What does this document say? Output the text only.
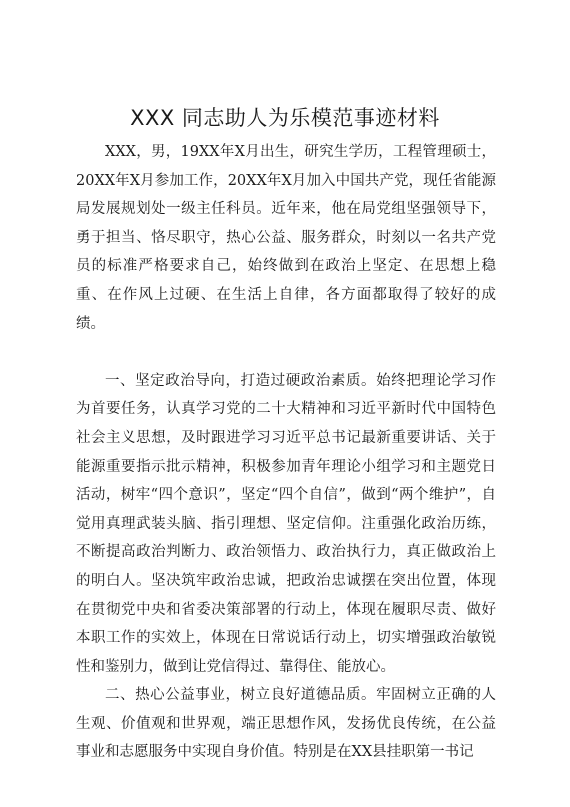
XXX 同志助人为乐模范事迹材料

XXX，男，19XX年X月出生，研究生学历，工程管理硕士，20XX年X月参加工作，20XX年X月加入中国共产党，现任省能源局发展规划处一级主任科员。近年来，他在局党组坚强领导下，勇于担当、恪尽职守，热心公益、服务群众，时刻以一名共产党员的标准严格要求自己，始终做到在政治上坚定、在思想上稳重、在作风上过硬、在生活上自律，各方面都取得了较好的成绩。

一、坚定政治导向，打造过硬政治素质。始终把理论学习作为首要任务，认真学习党的二十大精神和习近平新时代中国特色社会主义思想，及时跟进学习习近平总书记最新重要讲话、关于能源重要指示批示精神，积极参加青年理论小组学习和主题党日活动，树牢“四个意识”，坚定“四个自信”，做到“两个维护”，自觉用真理武装头脑、指引理想、坚定信仰。注重强化政治历练，不断提高政治判断力、政治领悟力、政治执行力，真正做政治上的明白人。坚决筑牢政治忠诚，把政治忠诚摆在突出位置，体现在贯彻党中央和省委决策部署的行动上，体现在履职尽责、做好本职工作的实效上，体现在日常说话行动上，切实增强政治敏锐性和鉴别力，做到让党信得过、靠得住、能放心。

二、热心公益事业，树立良好道德品质。牢固树立正确的人生观、价值观和世界观，端正思想作风，发扬优良传统，在公益事业和志愿服务中实现自身价值。特别是在XX县挂职第一书记
